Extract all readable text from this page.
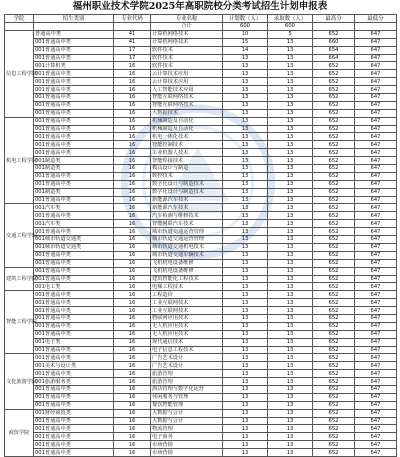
福州职业技术学院2025年高职院校分类考试招生计划申报表
学院	招生类别	专业代码	专业名称	计划数（人）	录取数（人）	最高分	最低分
			合计	600	600		
信息工程学院	普通高中类	41	计算机网络技术	10	5	652	647
	001普通高中类	41	计算机网络技术	15	13	660	647
	001普通高中类	17	软件技术	14	13	654	647
	001普通高中类	17	软件技术	13	13	664	647
	001计算机类	16	软件技术	13	13	652	647
	001普通高中类	16	云计算技术应用	13	13	652	647
	001普通高中类	16	云计算技术应用	13	13	652	647
	001普通高中类	16	人工智能技术应用	13	13	652	647
	001普通高中类	16	智能互联网络技术	13	13	652	647
	001普通高中类	16	智能互联网络技术	13	13	652	647
	001普通高中类	16	大数据技术	13	13	652	647
机电工程学院	001普通高中类	16	机械制造及自动化	13	13	652	647
	001普通高中类	16	机械制造及自动化	13	13	652	647
	001普通高中类	16	机电一体化技术	13	13	652	647
	001普通高中类	16	智能控制技术	13	13	652	647
	001普通高中类	16	工业机器人技术	13	13	652	647
	001制造类	16	智能焊接技术	13	13	652	647
	001制造类	16	模具设计与制造	13	13	652	647
	001普通高中类	16	数控技术	13	13	652	647
	001普通高中类	16	数字化设计与制造技术	13	13	652	647
	001制造类	16	数字化设计与制造技术	13	13	652	647
	001普通高中类	16	新能源汽车技术	13	13	652	647
交通工程学院	001汽车类	16	新能源汽车技术	13	13	652	647
	001普通高中类	16	汽车检测与维修技术	13	13	652	647
	001汽车类	16	智能网联汽车技术	13	13	652	647
	001普通高中类	16	城市轨道交通运营管理	13	13	652	647
	001城市轨道交通类	16	城市轨道交通运营管理	13	13	652	647
	001城市轨道交通类	16	城市轨道交通机电技术	13	13	652	647
	001普通高中类	16	城市轨道交通车辆技术	13	13	652	647
	001普通高中类	16	飞机机电设备维修	13	13	652	647
建筑工程学院	001普通高中类	16	飞机机电设备维修	13	13	652	647
	001普通高中类	16	建筑智能化工程技术	13	13	652	647
	001电工类	16	电梯工程技术	13	13	652	647
智能工程学院	001普通高中类	16	工程造价	13	13	652	647
	001普通高中类	16	工业互联网技术	13	13	652	647
	001普通高中类	16	工业互联网技术	13	13	652	647
	001普通高中类	16	物联网应用技术	13	13	652	647
	001普通高中类	16	无人机应用技术	13	13	652	647
	001普通高中类	16	无人机应用技术	13	13	652	647
	001电子类	16	现代通信技术	13	13	652	647
	001普通高中类	16	电子信息工程技术	13	13	652	647
文化旅游学院	001普通高中类	16	广告艺术设计	13	13	652	647
	001美术与设计类	16	广告艺术设计	13	13	652	647
	001普通高中类	16	旅游管理	13	13	652	647
	001旅游服务类	16	旅游管理	13	13	652	647
	001普通高中类	16	酒店管理与数字化运营	13	13	652	647
	001普通高中类	16	休闲服务与管理	13	13	652	647
	001普通高中类	16	餐饮智能管理	13	13	652	647
商贸学院	001财经商贸类	16	大数据与会计	13	13	652	647
	001普通高中类	16	大数据与会计	13	13	652	647
	001普通高中类	16	物流管理	13	13	652	647
	001普通高中类	16	电子商务	13	13	652	647
	001普通高中类	16	市场营销	13	13	652	647
	001普通高中类	16	市场营销	13	13	652	647
